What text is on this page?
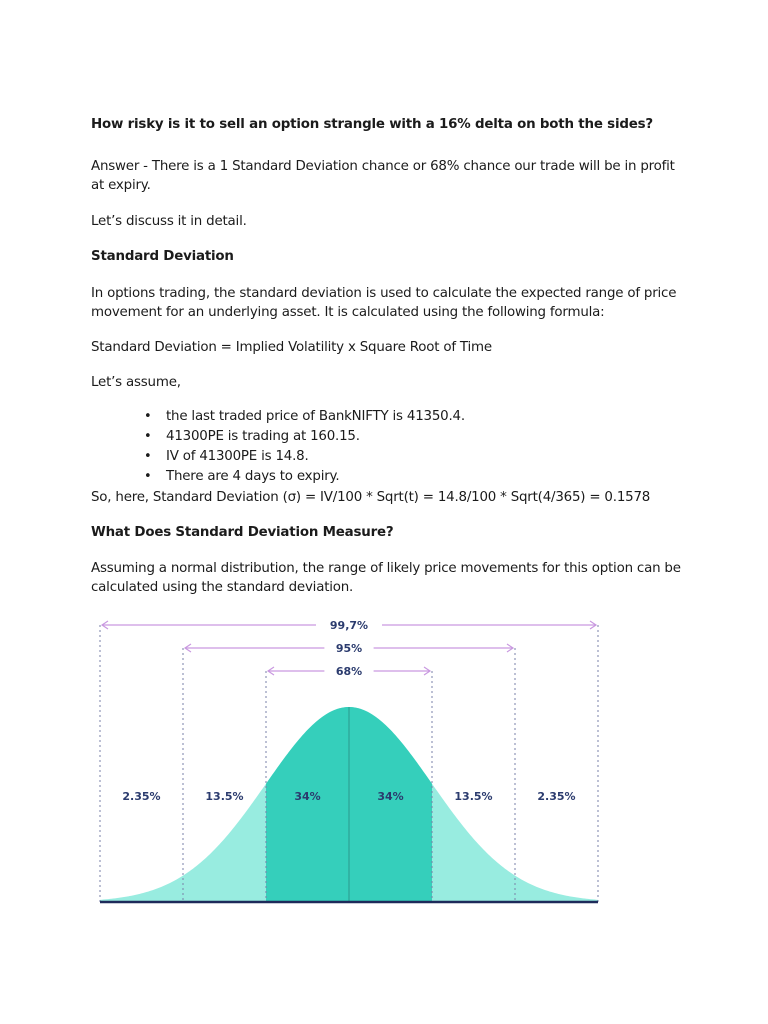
How risky is it to sell an option strangle with a 16% delta on both the sides?

Answer - There is a 1 Standard Deviation chance or 68% chance our trade will be in profit at expiry.

Let’s discuss it in detail.

Standard Deviation

In options trading, the standard deviation is used to calculate the expected range of price movement for an underlying asset. It is calculated using the following formula:

Standard Deviation = Implied Volatility x Square Root of Time

Let’s assume,

• the last traded price of BankNIFTY is 41350.4.
• 41300PE is trading at 160.15.
• IV of 41300PE is 14.8.
• There are 4 days to expiry.

So, here, Standard Deviation (σ) = IV/100 * Sqrt(t) = 14.8/100 * Sqrt(4/365) = 0.1578

What Does Standard Deviation Measure?

Assuming a normal distribution, the range of likely price movements for this option can be calculated using the standard deviation.

99,7%
95%
68%
2.35%	13.5%	34%	34%	13.5%	2.35%
